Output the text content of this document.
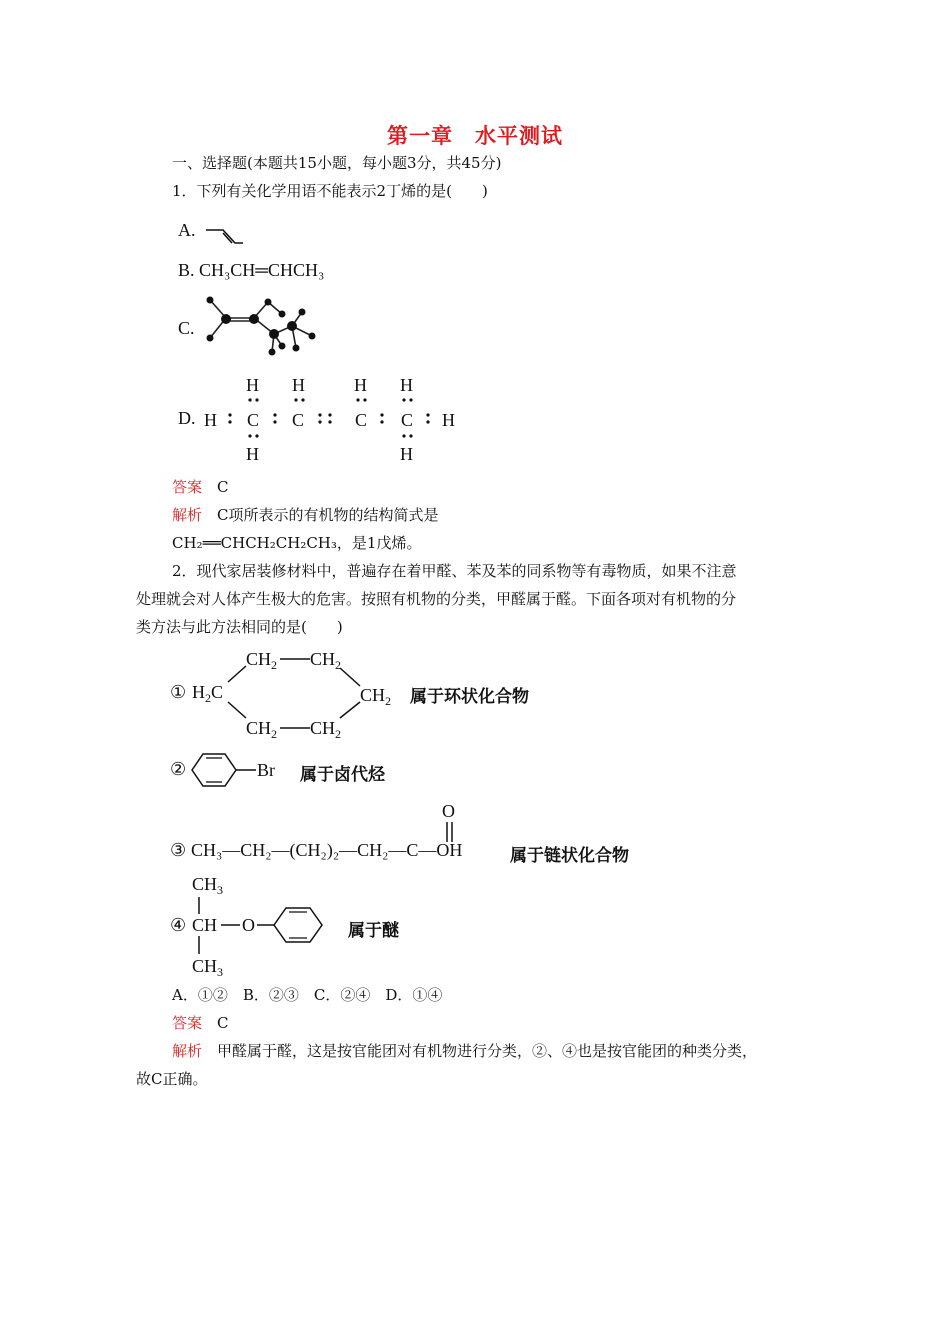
第一章　水平测试
一、选择题(本题共15小题，每小题3分，共45分)
1．下列有关化学用语不能表示2丁烯的是(　　)
A.
B. CH₃CH═CHCH₃
C.
D.
H H	H H
H C C	C C H
H	H
答案　 C
解析　 C项所表示的有机物的结构简式是
CH₂══CHCH₂CH₂CH₃，是1戊烯。
2．现代家居装修材料中，普遍存在着甲醛、苯及苯的同系物等有毒物质，如果不注意
处理就会对人体产生极大的危害。按照有机物的分类，甲醛属于醛。下面各项对有机物的分
类方法与此方法相同的是(　　)
①
$CH_2$ $CH_2$
$H_2C$	$CH_2$
$CH_2$ $CH_2$
属于环状化合物
②	Br 属于卤代烃
③
O
CH₃—CH₂—(CH₂)₂—CH₂—C—OH	属于链状化合物
④
$CH_3$
CH O
$CH_3$
属于醚
A．①②　B．②③　C．②④　D．①④
答案　 C
解析　 甲醛属于醛，这是按官能团对有机物进行分类，②、④也是按官能团的种类分类，
故C正确。
